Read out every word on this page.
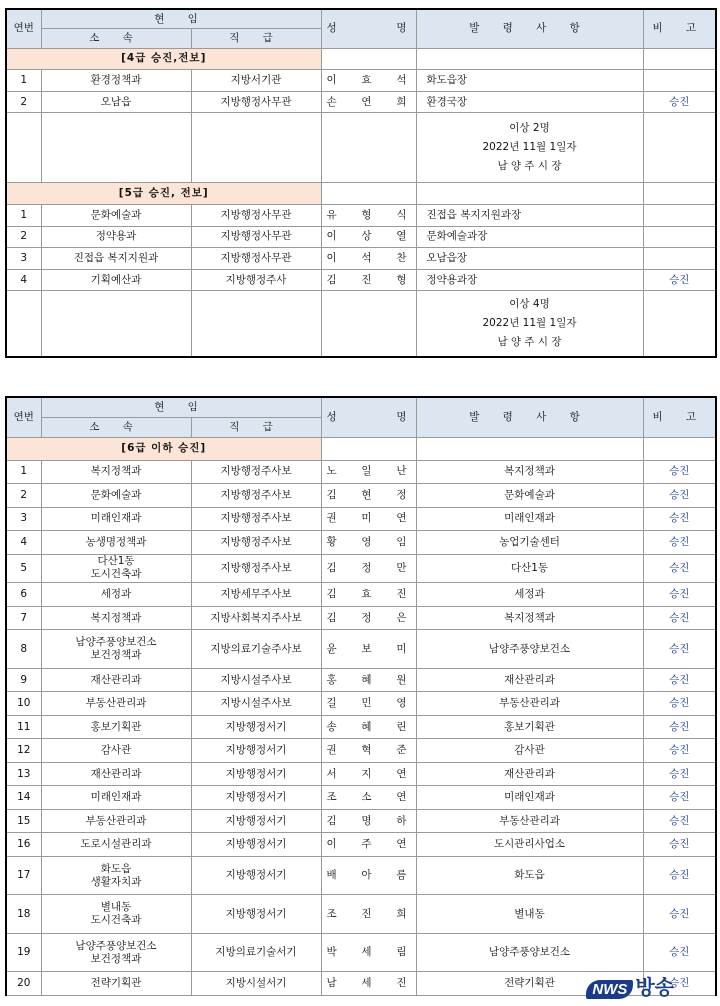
연번	현 임		성 명	발 령 사 항	비 고
	소 속	직 급			
[4급 승진,전보]					
1	환경정책과	지방서기관	이 효 석	화도읍장	
2	오남읍	지방행정사무관	손 연 희	환경국장	승진

				이상 2명
2022년 11월 1일자
남 양 주 시 장	

[5급 승진, 전보]					
1	문화예술과	지방행정사무관	유 형 식	진접읍 복지지원과장	
2	정약용과	지방행정사무관	이 상 열	문화예술과장	
3	진접읍 복지지원과	지방행정사무관	이 석 찬	오남읍장	
4	기획예산과	지방행정주사	김 진 형	정약용과장	승진

				이상 4명
2022년 11월 1일자
남 양 주 시 장	

연번	현 임		성 명	발 령 사 항	비 고
	소 속	직 급			
[6급 이하 승진]					
1	복지정책과	지방행정주사보	노 일 난	복지정책과	승진
2	문화예술과	지방행정주사보	김 현 정	문화예술과	승진
3	미래인재과	지방행정주사보	권 미 연	미래인재과	승진
4	농생명정책과	지방행정주사보	황 영 임	농업기술센터	승진
5	다산1동
도시건축과	지방행정주사보	김 정 만	다산1동	승진
6	세정과	지방세무주사보	김 효 진	세정과	승진
7	복지정책과	지방사회복지주사보	김 정 은	복지정책과	승진
8	남양주풍양보건소
보건정책과	지방의료기술주사보	윤 보 미	남양주풍양보건소	승진
9	재산관리과	지방시설주사보	홍 혜 원	재산관리과	승진
10	부동산관리과	지방시설주사보	길 민 영	부동산관리과	승진
11	홍보기획관	지방행정서기	송 혜 린	홍보기획관	승진
12	감사관	지방행정서기	권 혁 준	감사관	승진
13	재산관리과	지방행정서기	서 지 연	재산관리과	승진
14	미래인재과	지방행정서기	조 소 연	미래인재과	승진
15	부동산관리과	지방행정서기	김 명 하	부동산관리과	승진
16	도로시설관리과	지방행정서기	이 주 연	도시관리사업소	승진
17	화도읍
생활자치과	지방행정서기	배 아 름	화도읍	승진
18	별내동
도시건축과	지방행정서기	조 진 희	별내동	승진
19	남양주풍양보건소
보건정책과	지방의료기술서기	박 세 림	남양주풍양보건소	승진
20	전략기획관	지방시설서기	남 세 진	전략기획관	승진
NWS 방송
